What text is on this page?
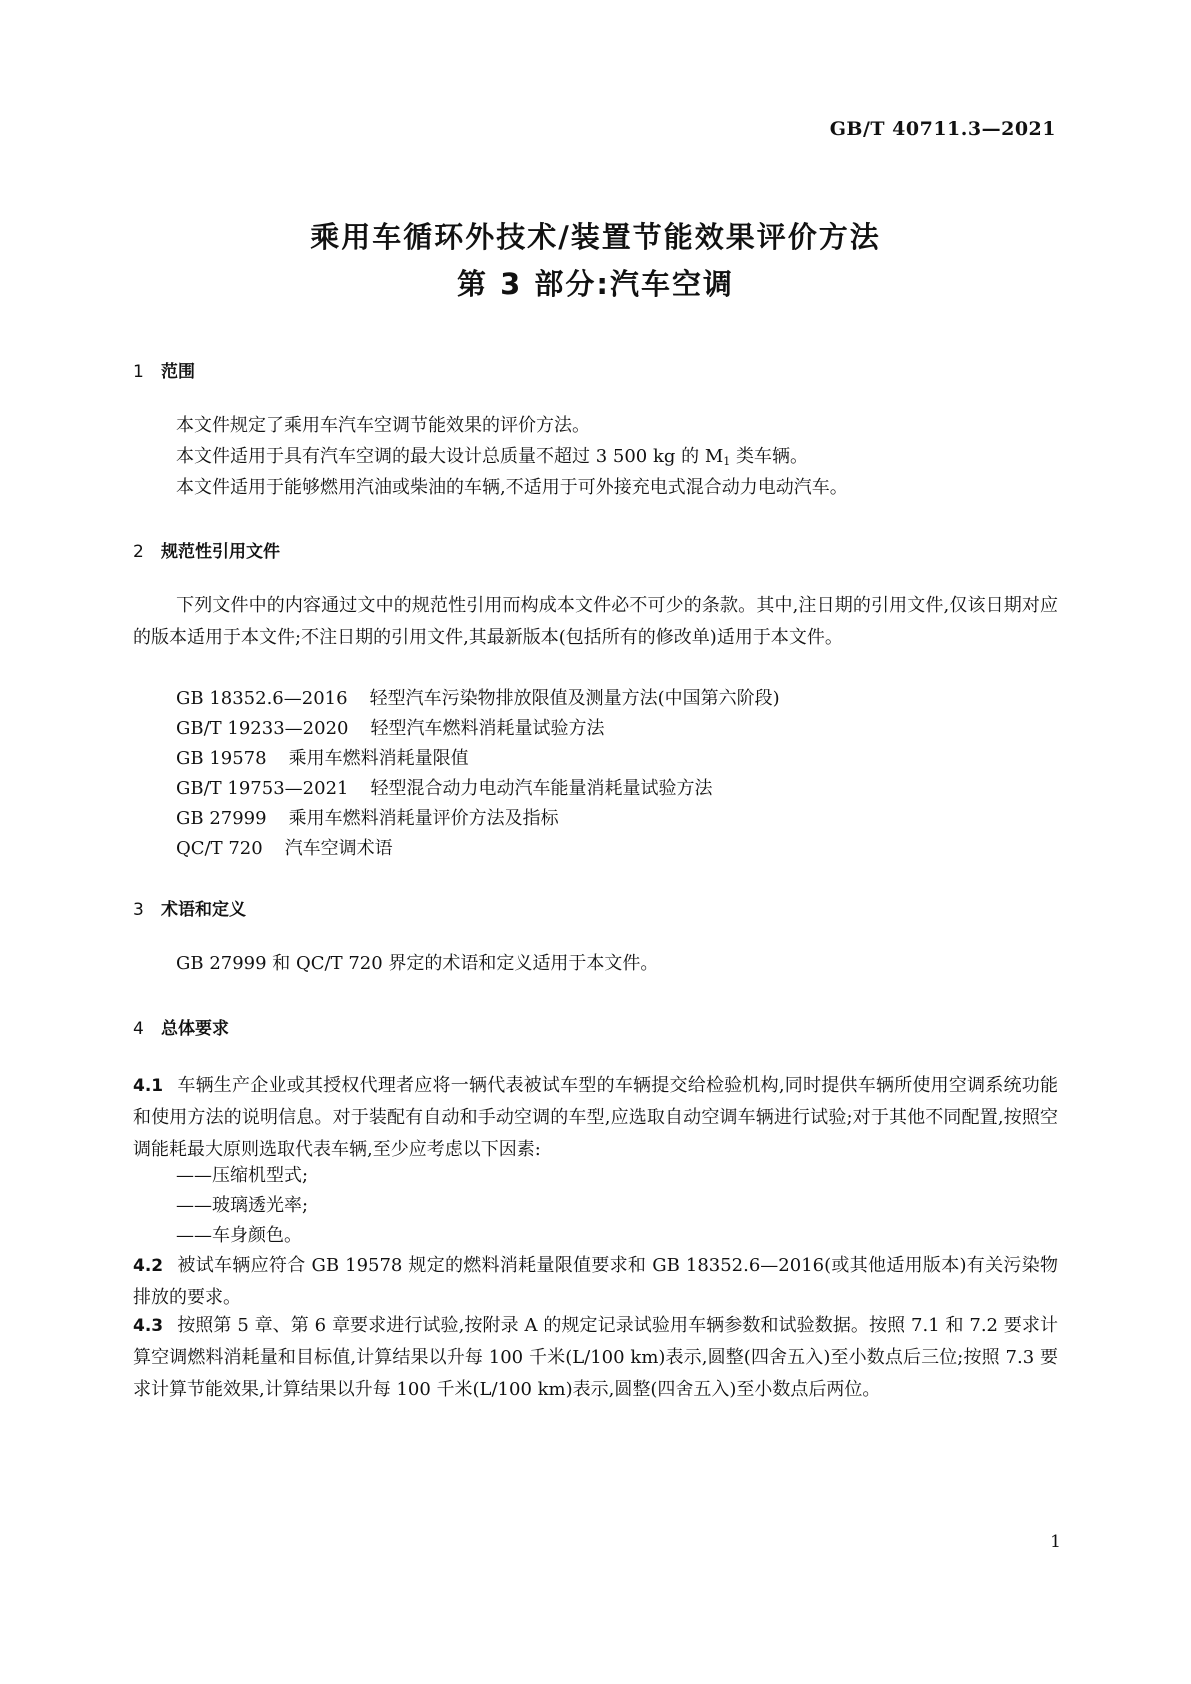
GB/T 40711.3—2021
乘用车循环外技术/装置节能效果评价方法
第 3 部分:汽车空调
1 范围
本文件规定了乘用车汽车空调节能效果的评价方法。
本文件适用于具有汽车空调的最大设计总质量不超过 3 500 kg 的 $M_1$ 类车辆。
本文件适用于能够燃用汽油或柴油的车辆,不适用于可外接充电式混合动力电动汽车。
2 规范性引用文件
下列文件中的内容通过文中的规范性引用而构成本文件必不可少的条款。其中,注日期的引用文件,仅该日期对应的版本适用于本文件;不注日期的引用文件,其最新版本(包括所有的修改单)适用于本文件。
GB 18352.6—2016 轻型汽车污染物排放限值及测量方法(中国第六阶段)
GB/T 19233—2020 轻型汽车燃料消耗量试验方法
GB 19578 乘用车燃料消耗量限值
GB/T 19753—2021 轻型混合动力电动汽车能量消耗量试验方法
GB 27999 乘用车燃料消耗量评价方法及指标
QC/T 720 汽车空调术语
3 术语和定义
GB 27999 和 QC/T 720 界定的术语和定义适用于本文件。
4 总体要求
4.1 车辆生产企业或其授权代理者应将一辆代表被试车型的车辆提交给检验机构,同时提供车辆所使用空调系统功能和使用方法的说明信息。对于装配有自动和手动空调的车型,应选取自动空调车辆进行试验;对于其他不同配置,按照空调能耗最大原则选取代表车辆,至少应考虑以下因素:
——压缩机型式;
——玻璃透光率;
——车身颜色。
4.2 被试车辆应符合 GB 19578 规定的燃料消耗量限值要求和 GB 18352.6—2016(或其他适用版本)有关污染物排放的要求。
4.3 按照第 5 章、第 6 章要求进行试验,按附录 A 的规定记录试验用车辆参数和试验数据。按照 7.1 和 7.2 要求计算空调燃料消耗量和目标值,计算结果以升每 100 千米(L/100 km)表示,圆整(四舍五入)至小数点后三位;按照 7.3 要求计算节能效果,计算结果以升每 100 千米(L/100 km)表示,圆整(四舍五入)至小数点后两位。
1
